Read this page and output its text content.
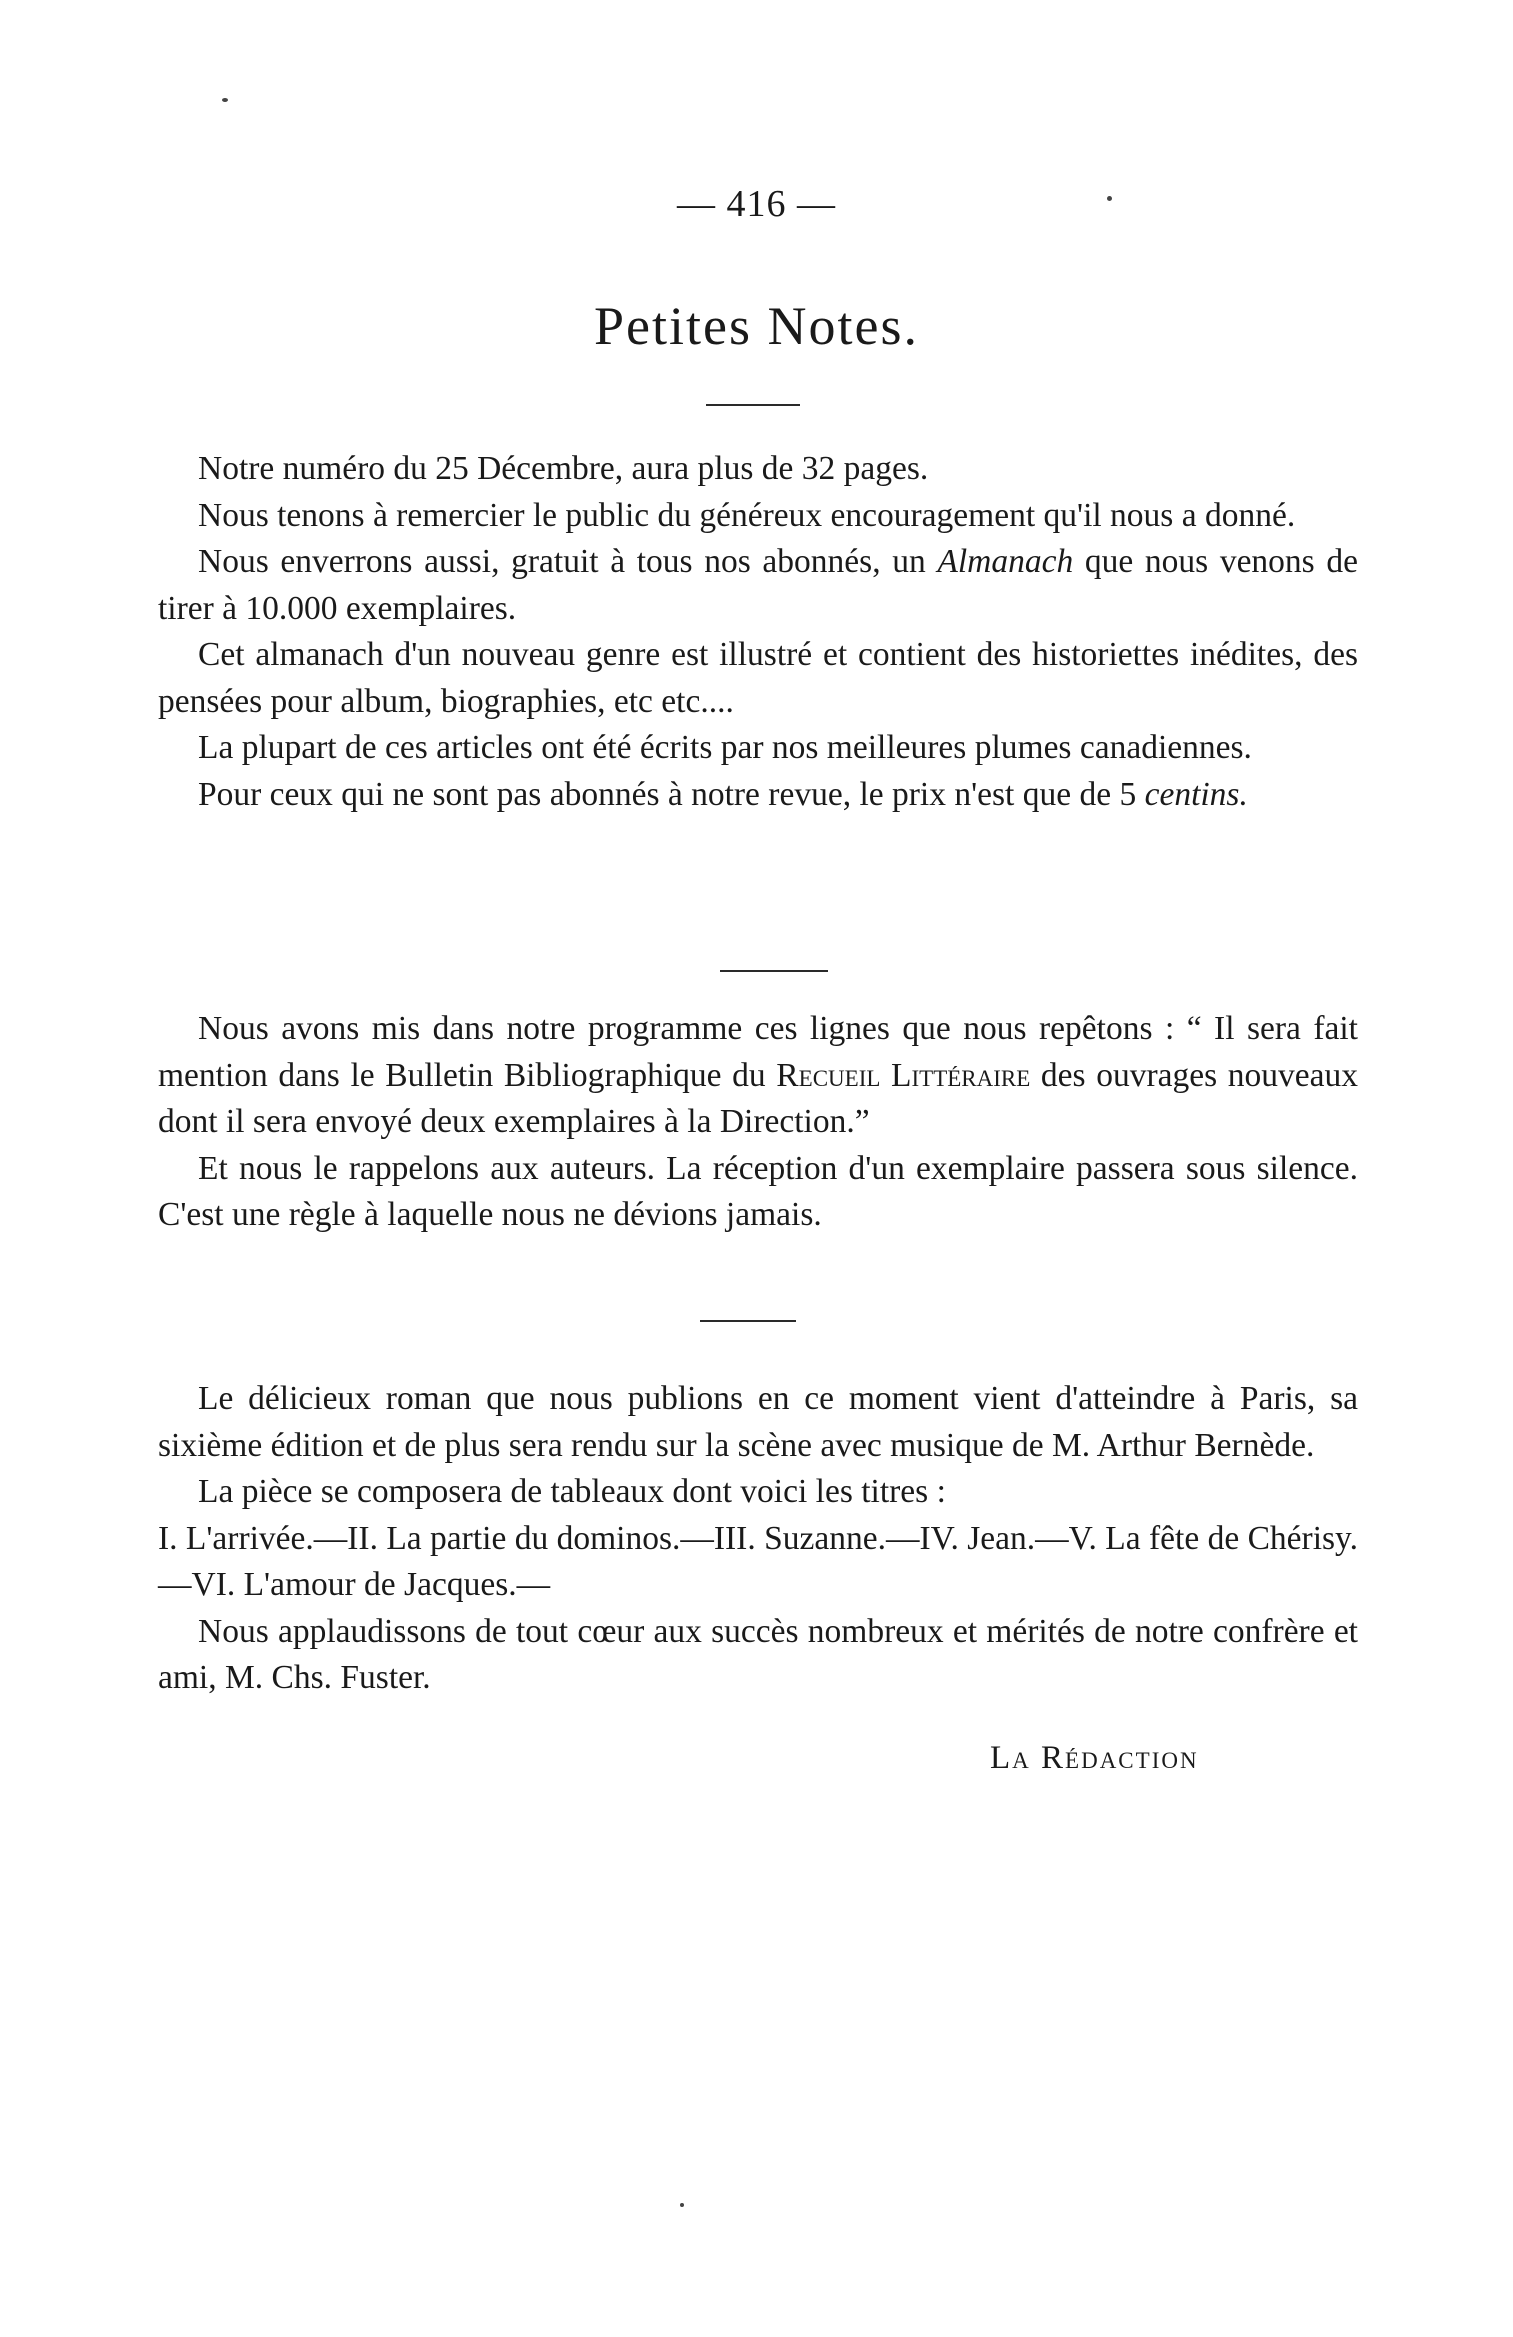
— 416 —
Petites Notes.

Notre numéro du 25 Décembre, aura plus de 32 pages.

Nous tenons à remercier le public du généreux encouragement qu'il nous a donné.

Nous enverrons aussi, gratuit à tous nos abonnés, un Almanach que nous venons de tirer à 10.000 exemplaires.

Cet almanach d'un nouveau genre est illustré et contient des historiettes inédites, des pensées pour album, biographies, etc etc....

La plupart de ces articles ont été écrits par nos meilleures plumes canadiennes.

Pour ceux qui ne sont pas abonnés à notre revue, le prix n'est que de 5 centins.

Nous avons mis dans notre programme ces lignes que nous repêtons : “ Il sera fait mention dans le Bulletin Bibliographique du Recueil Littéraire des ouvrages nouveaux dont il sera envoyé deux exemplaires à la Direction.”

Et nous le rappelons aux auteurs. La réception d'un exemplaire passera sous silence. C'est une règle à laquelle nous ne dévions jamais.

Le délicieux roman que nous publions en ce moment vient d'atteindre à Paris, sa sixième édition et de plus sera rendu sur la scène avec musique de M. Arthur Bernède.

La pièce se composera de tableaux dont voici les titres :

I. L'arrivée.—II. La partie du dominos.—III. Suzanne.—IV. Jean.—V. La fête de Chérisy.—VI. L'amour de Jacques.—

Nous applaudissons de tout cœur aux succès nombreux et mérités de notre confrère et ami, M. Chs. Fuster.

La Rédaction
